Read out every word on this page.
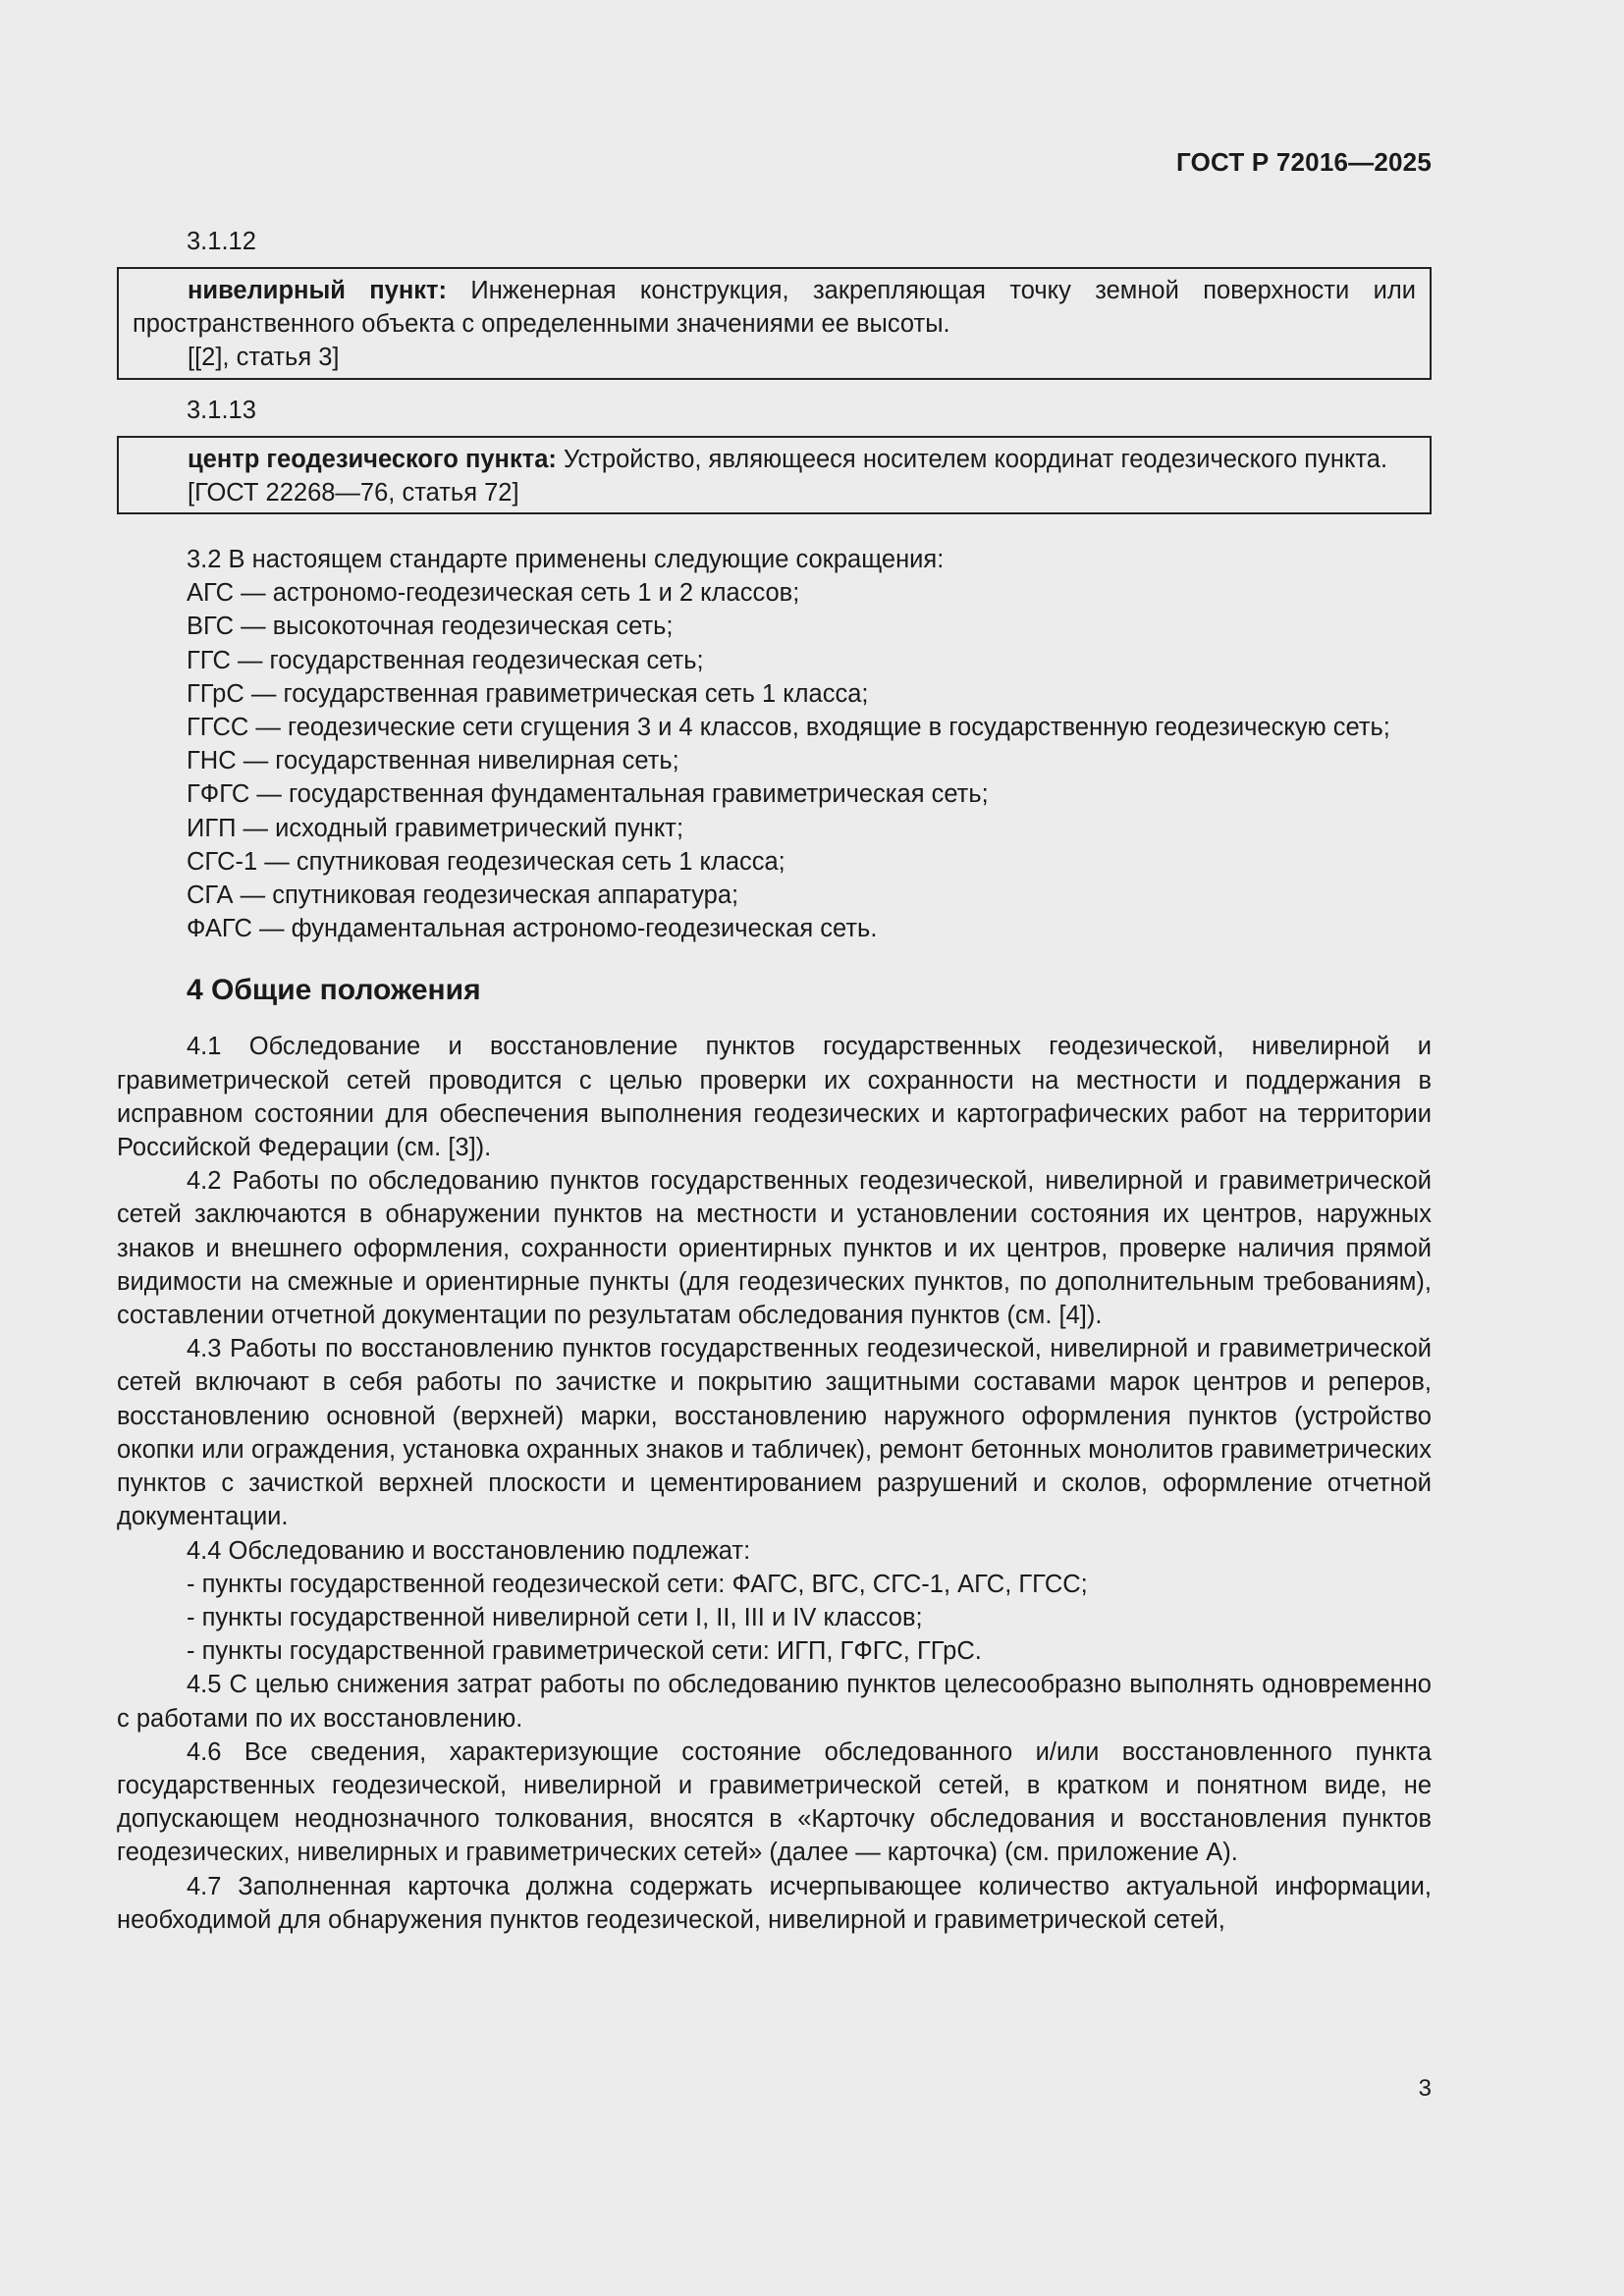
ГОСТ Р 72016—2025
3.1.12
нивелирный пункт: Инженерная конструкция, закрепляющая точку земной поверхности или пространственного объекта с определенными значениями ее высоты.
[[2], статья 3]
3.1.13
центр геодезического пункта: Устройство, являющееся носителем координат геодезического пункта.
[ГОСТ 22268—76, статья 72]
3.2 В настоящем стандарте применены следующие сокращения:
АГС — астрономо-геодезическая сеть 1 и 2 классов;
ВГС — высокоточная геодезическая сеть;
ГГС — государственная геодезическая сеть;
ГГрС — государственная гравиметрическая сеть 1 класса;
ГГСС — геодезические сети сгущения 3 и 4 классов, входящие в государственную геодезическую сеть;
ГНС — государственная нивелирная сеть;
ГФГС — государственная фундаментальная гравиметрическая сеть;
ИГП — исходный гравиметрический пункт;
СГС-1 — спутниковая геодезическая сеть 1 класса;
СГА — спутниковая геодезическая аппаратура;
ФАГС — фундаментальная астрономо-геодезическая сеть.
4 Общие положения

4.1 Обследование и восстановление пунктов государственных геодезической, нивелирной и гравиметрической сетей проводится с целью проверки их сохранности на местности и поддержания в исправном состоянии для обеспечения выполнения геодезических и картографических работ на территории Российской Федерации (см. [3]).

4.2 Работы по обследованию пунктов государственных геодезической, нивелирной и гравиметрической сетей заключаются в обнаружении пунктов на местности и установлении состояния их центров, наружных знаков и внешнего оформления, сохранности ориентирных пунктов и их центров, проверке наличия прямой видимости на смежные и ориентирные пункты (для геодезических пунктов, по дополнительным требованиям), составлении отчетной документации по результатам обследования пунктов (см. [4]).

4.3 Работы по восстановлению пунктов государственных геодезической, нивелирной и гравиметрической сетей включают в себя работы по зачистке и покрытию защитными составами марок центров и реперов, восстановлению основной (верхней) марки, восстановлению наружного оформления пунктов (устройство окопки или ограждения, установка охранных знаков и табличек), ремонт бетонных монолитов гравиметрических пунктов с зачисткой верхней плоскости и цементированием разрушений и сколов, оформление отчетной документации.

4.4 Обследованию и восстановлению подлежат:

- пункты государственной геодезической сети: ФАГС, ВГС, СГС-1, АГС, ГГСС;
- пункты государственной нивелирной сети I, II, III и IV классов;
- пункты государственной гравиметрической сети: ИГП, ГФГС, ГГрС.

4.5 С целью снижения затрат работы по обследованию пунктов целесообразно выполнять одновременно с работами по их восстановлению.

4.6 Все сведения, характеризующие состояние обследованного и/или восстановленного пункта государственных геодезической, нивелирной и гравиметрической сетей, в кратком и понятном виде, не допускающем неоднозначного толкования, вносятся в «Карточку обследования и восстановления пунктов геодезических, нивелирных и гравиметрических сетей» (далее — карточка) (см. приложение А).

4.7 Заполненная карточка должна содержать исчерпывающее количество актуальной информации, необходимой для обнаружения пунктов геодезической, нивелирной и гравиметрической сетей,

3
